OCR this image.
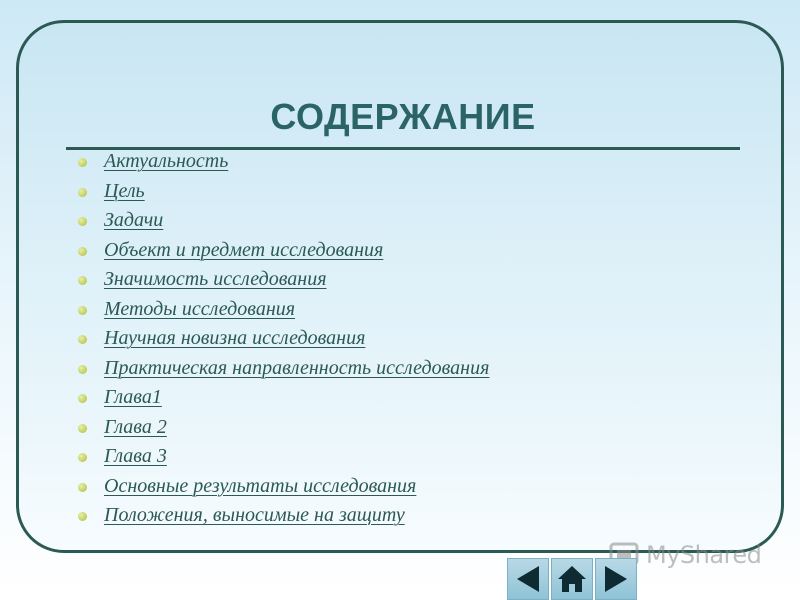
СОДЕРЖАНИЕ
Актуальность
Цель
Задачи
Объект и предмет исследования
Значимость исследования
Методы исследования
Научная новизна исследования
Практическая направленность исследования
Глава1
Глава 2
Глава 3
Основные результаты исследования
Положения, выносимые на защиту
MyShared
